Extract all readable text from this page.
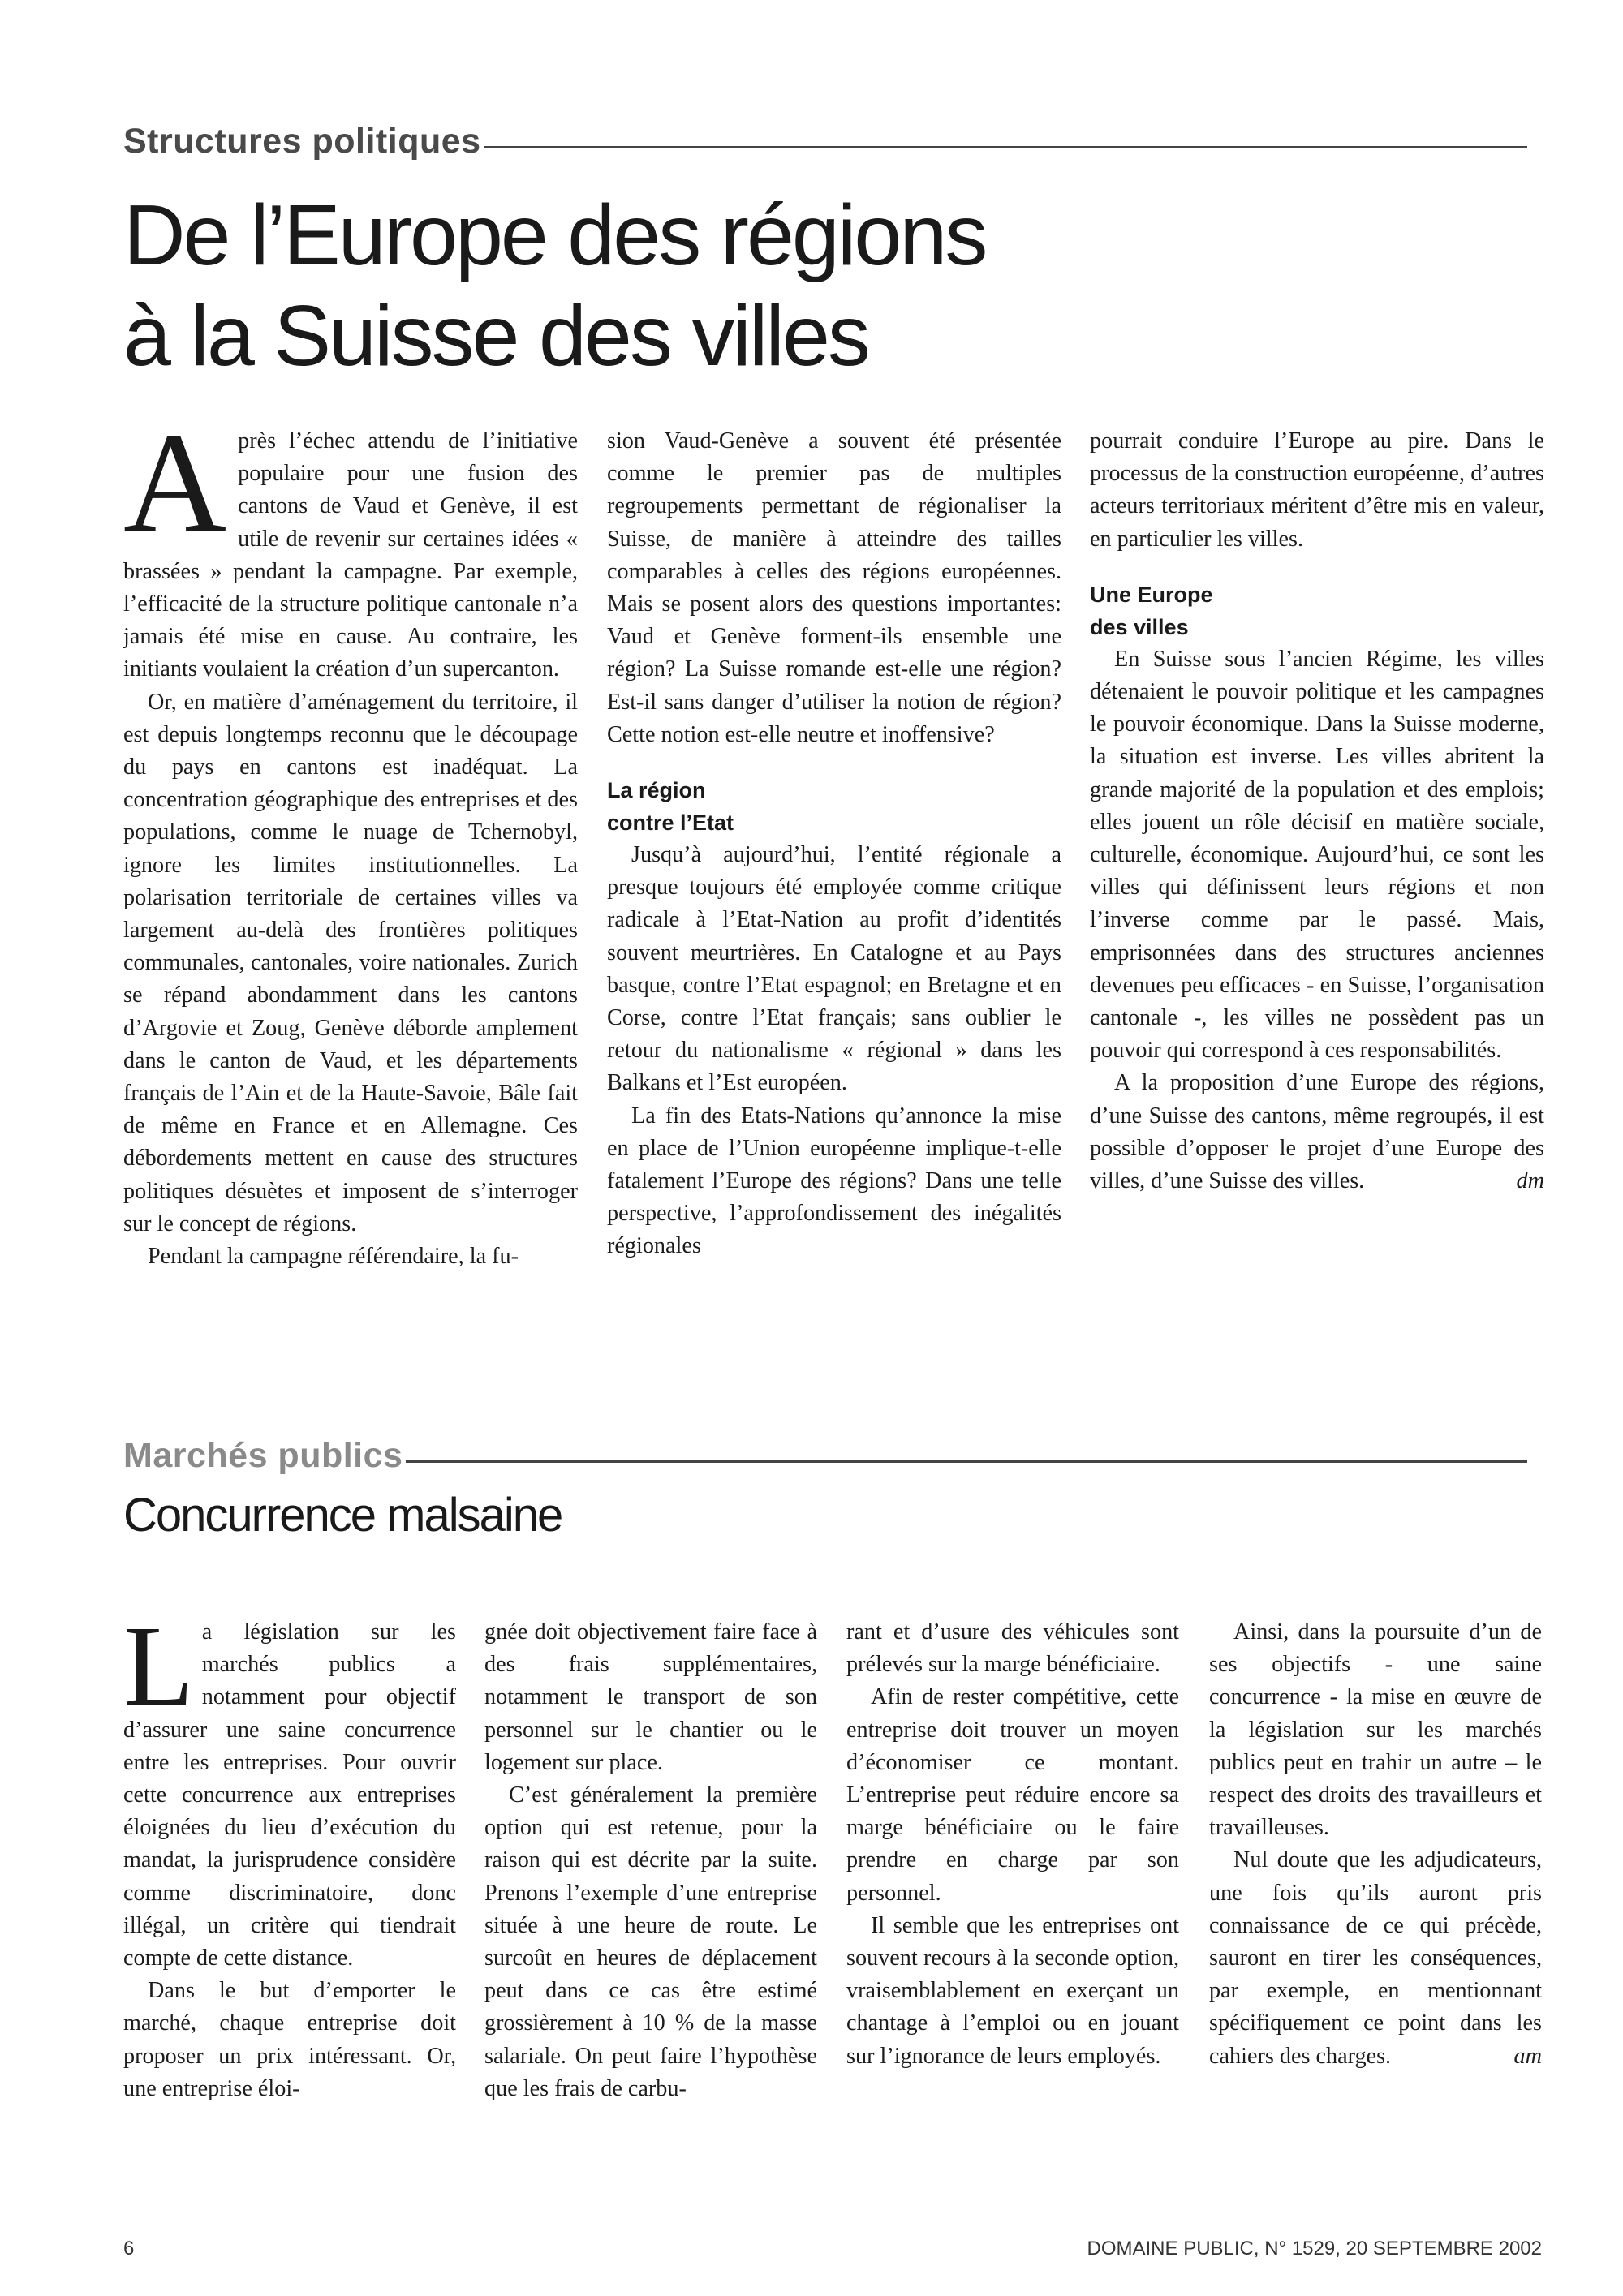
Structures politiques
De l’Europe des régions
à la Suisse des villes

Après l’échec attendu de l’initiative populaire pour une fusion des cantons de Vaud et Genève, il est utile de revenir sur certaines idées « brassées » pendant la campagne. Par exemple, l’efficacité de la structure politique cantonale n’a jamais été mise en cause. Au contraire, les initiants voulaient la création d’un supercanton.

Or, en matière d’aménagement du territoire, il est depuis longtemps reconnu que le découpage du pays en cantons est inadéquat. La concentration géographique des entreprises et des populations, comme le nuage de Tchernobyl, ignore les limites institutionnelles. La polarisation territoriale de certaines villes va largement au-delà des frontières politiques communales, cantonales, voire nationales. Zurich se répand abondamment dans les cantons d’Argovie et Zoug, Genève déborde amplement dans le canton de Vaud, et les départements français de l’Ain et de la Haute-Savoie, Bâle fait de même en France et en Allemagne. Ces débordements mettent en cause des structures politiques désuètes et imposent de s’interroger sur le concept de régions.

Pendant la campagne référendaire, la fu-

sion Vaud-Genève a souvent été présentée comme le premier pas de multiples regroupements permettant de régionaliser la Suisse, de manière à atteindre des tailles comparables à celles des régions européennes. Mais se posent alors des questions importantes: Vaud et Genève forment-ils ensemble une région? La Suisse romande est-elle une région? Est-il sans danger d’utiliser la notion de région? Cette notion est-elle neutre et inoffensive?

La région
contre l’Etat

Jusqu’à aujourd’hui, l’entité régionale a presque toujours été employée comme critique radicale à l’Etat-Nation au profit d’identités souvent meurtrières. En Catalogne et au Pays basque, contre l’Etat espagnol; en Bretagne et en Corse, contre l’Etat français; sans oublier le retour du nationalisme « régional » dans les Balkans et l’Est européen.

La fin des Etats-Nations qu’annonce la mise en place de l’Union européenne implique-t-elle fatalement l’Europe des régions? Dans une telle perspective, l’approfondissement des inégalités régionales

pourrait conduire l’Europe au pire. Dans le processus de la construction européenne, d’autres acteurs territoriaux méritent d’être mis en valeur, en particulier les villes.

Une Europe
des villes

En Suisse sous l’ancien Régime, les villes détenaient le pouvoir politique et les campagnes le pouvoir économique. Dans la Suisse moderne, la situation est inverse. Les villes abritent la grande majorité de la population et des emplois; elles jouent un rôle décisif en matière sociale, culturelle, économique. Aujourd’hui, ce sont les villes qui définissent leurs régions et non l’inverse comme par le passé. Mais, emprisonnées dans des structures anciennes devenues peu efficaces - en Suisse, l’organisation cantonale -, les villes ne possèdent pas un pouvoir qui correspond à ces responsabilités.

A la proposition d’une Europe des régions, d’une Suisse des cantons, même regroupés, il est possible d’opposer le projet d’une Europe des villes, d’une Suisse des villes.	dm

Marchés publics
Concurrence malsaine

La législation sur les marchés publics a notamment pour objectif d’assurer une saine concurrence entre les entreprises. Pour ouvrir cette concurrence aux entreprises éloignées du lieu d’exécution du mandat, la jurisprudence considère comme discriminatoire, donc illégal, un critère qui tiendrait compte de cette distance.

Dans le but d’emporter le marché, chaque entreprise doit proposer un prix intéressant. Or, une entreprise éloi-

gnée doit objectivement faire face à des frais supplémentaires, notamment le transport de son personnel sur le chantier ou le logement sur place.

C’est généralement la première option qui est retenue, pour la raison qui est décrite par la suite. Prenons l’exemple d’une entreprise située à une heure de route. Le surcoût en heures de déplacement peut dans ce cas être estimé grossièrement à 10 % de la masse salariale. On peut faire l’hypothèse que les frais de carbu-

rant et d’usure des véhicules sont prélevés sur la marge bénéficiaire.

Afin de rester compétitive, cette entreprise doit trouver un moyen d’économiser ce montant. L’entreprise peut réduire encore sa marge bénéficiaire ou le faire prendre en charge par son personnel.

Il semble que les entreprises ont souvent recours à la seconde option, vraisemblablement en exerçant un chantage à l’emploi ou en jouant sur l’ignorance de leurs employés.

Ainsi, dans la poursuite d’un de ses objectifs - une saine concurrence - la mise en œuvre de la législation sur les marchés publics peut en trahir un autre – le respect des droits des travailleurs et travailleuses.

Nul doute que les adjudicateurs, une fois qu’ils auront pris connaissance de ce qui précède, sauront en tirer les conséquences, par exemple, en mentionnant spécifiquement ce point dans les cahiers des charges.	am

6	DOMAINE PUBLIC, N° 1529, 20 SEPTEMBRE 2002
